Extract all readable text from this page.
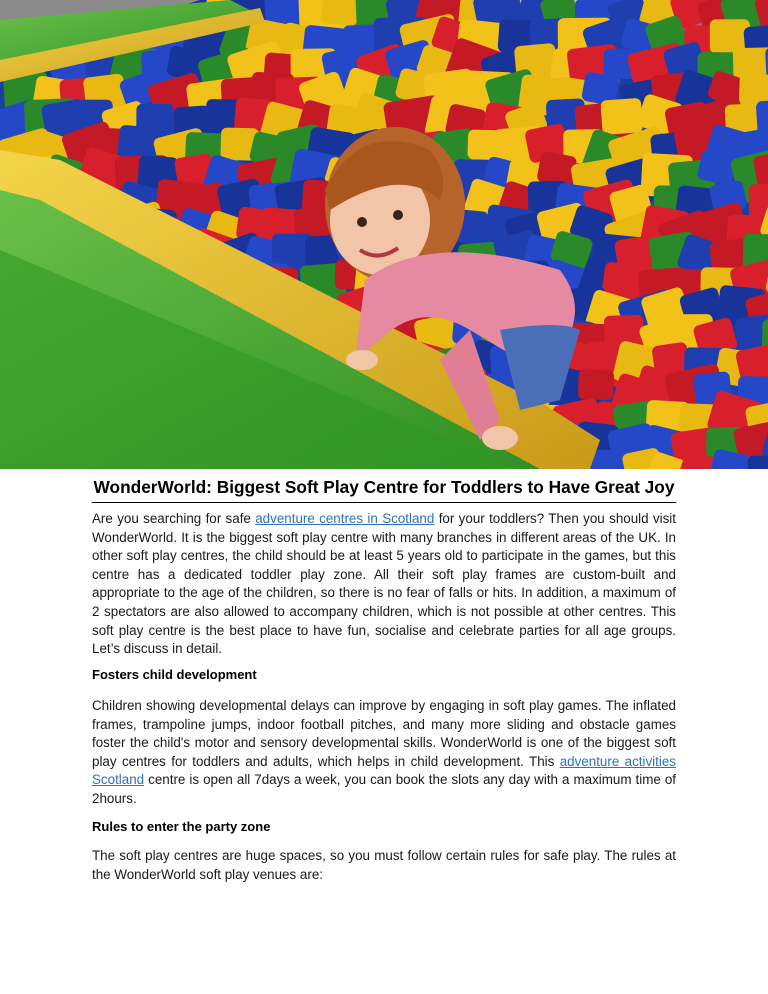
WonderWorld: Biggest Soft Play Centre for Toddlers to Have Great Joy

Are you searching for safe adventure centres in Scotland for your toddlers? Then you should visit WonderWorld. It is the biggest soft play centre with many branches in different areas of the UK. In other soft play centres, the child should be at least 5 years old to participate in the games, but this centre has a dedicated toddler play zone. All their soft play frames are custom-built and appropriate to the age of the children, so there is no fear of falls or hits. In addition, a maximum of 2 spectators are also allowed to accompany children, which is not possible at other centres. This soft play centre is the best place to have fun, socialise and celebrate parties for all age groups. Let’s discuss in detail.

Fosters child development

Children showing developmental delays can improve by engaging in soft play games. The inflated frames, trampoline jumps, indoor football pitches, and many more sliding and obstacle games foster the child's motor and sensory developmental skills. WonderWorld is one of the biggest soft play centres for toddlers and adults, which helps in child development. This adventure activities Scotland centre is open all 7days a week, you can book the slots any day with a maximum time of 2hours.

Rules to enter the party zone

The soft play centres are huge spaces, so you must follow certain rules for safe play. The rules at the WonderWorld soft play venues are:
